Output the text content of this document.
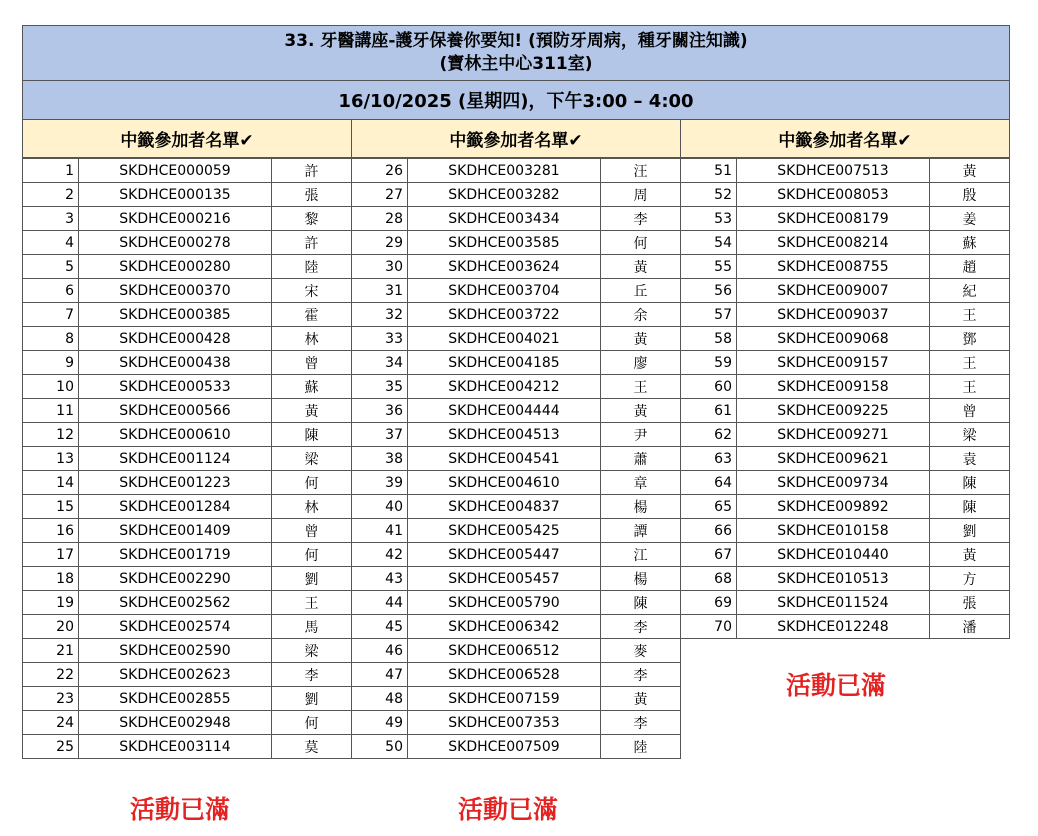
33. 牙醫講座-護牙保養你要知! (預防牙周病，種牙關注知識)
(寶林主中心311室)
16/10/2025 (星期四)，下午3:00 – 4:00
中籤參加者名單✔
1	SKDHCE000059	許
2	SKDHCE000135	張
3	SKDHCE000216	黎
4	SKDHCE000278	許
5	SKDHCE000280	陸
6	SKDHCE000370	宋
7	SKDHCE000385	霍
8	SKDHCE000428	林
9	SKDHCE000438	曾
10	SKDHCE000533	蘇
11	SKDHCE000566	黃
12	SKDHCE000610	陳
13	SKDHCE001124	梁
14	SKDHCE001223	何
15	SKDHCE001284	林
16	SKDHCE001409	曾
17	SKDHCE001719	何
18	SKDHCE002290	劉
19	SKDHCE002562	王
20	SKDHCE002574	馬
21	SKDHCE002590	梁
22	SKDHCE002623	李
23	SKDHCE002855	劉
24	SKDHCE002948	何
25	SKDHCE003114	莫
中籤參加者名單✔
26	SKDHCE003281	汪
27	SKDHCE003282	周
28	SKDHCE003434	李
29	SKDHCE003585	何
30	SKDHCE003624	黃
31	SKDHCE003704	丘
32	SKDHCE003722	余
33	SKDHCE004021	黃
34	SKDHCE004185	廖
35	SKDHCE004212	王
36	SKDHCE004444	黃
37	SKDHCE004513	尹
38	SKDHCE004541	蕭
39	SKDHCE004610	章
40	SKDHCE004837	楊
41	SKDHCE005425	譚
42	SKDHCE005447	江
43	SKDHCE005457	楊
44	SKDHCE005790	陳
45	SKDHCE006342	李
46	SKDHCE006512	麥
47	SKDHCE006528	李
48	SKDHCE007159	黃
49	SKDHCE007353	李
50	SKDHCE007509	陸
中籤參加者名單✔
51	SKDHCE007513	黃
52	SKDHCE008053	殷
53	SKDHCE008179	姜
54	SKDHCE008214	蘇
55	SKDHCE008755	趙
56	SKDHCE009007	紀
57	SKDHCE009037	王
58	SKDHCE009068	鄧
59	SKDHCE009157	王
60	SKDHCE009158	王
61	SKDHCE009225	曾
62	SKDHCE009271	梁
63	SKDHCE009621	袁
64	SKDHCE009734	陳
65	SKDHCE009892	陳
66	SKDHCE010158	劉
67	SKDHCE010440	黃
68	SKDHCE010513	方
69	SKDHCE011524	張
70	SKDHCE012248	潘
活動已滿	活動已滿
活動已滿
